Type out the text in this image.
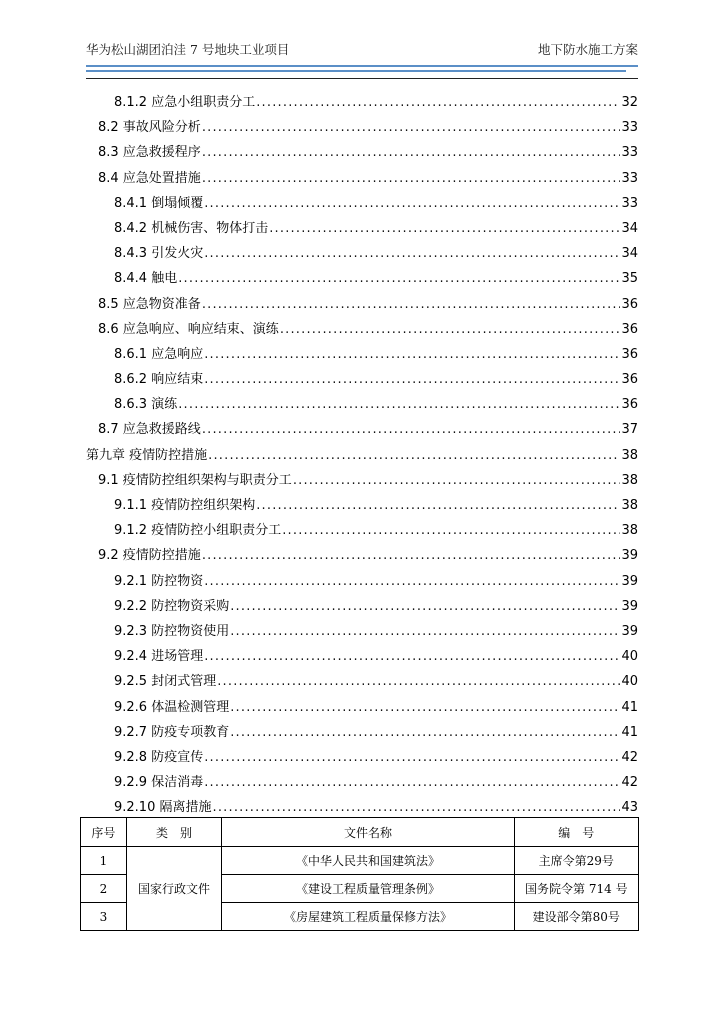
华为松山湖团泊洼 7 号地块工业项目	地下防水施工方案
8.1.2 应急小组职责分工 .....	32
8.2 事故风险分析 .....	33
8.3 应急救援程序 .....	33
8.4 应急处置措施 .....	33
8.4.1 倒塌倾覆 .....	33
8.4.2 机械伤害、物体打击 .....	34
8.4.3 引发火灾 .....	34
8.4.4 触电 .....	35
8.5 应急物资准备 .....	36
8.6 应急响应、响应结束、演练 .....	36
8.6.1 应急响应 .....	36
8.6.2 响应结束 .....	36
8.6.3 演练 .....	36
8.7 应急救援路线 .....	37
第九章 疫情防控措施 .....	38
9.1 疫情防控组织架构与职责分工 .....	38
9.1.1 疫情防控组织架构 .....	38
9.1.2 疫情防控小组职责分工 .....	38
9.2 疫情防控措施 .....	39
9.2.1 防控物资 .....	39
9.2.2 防控物资采购 .....	39
9.2.3 防控物资使用 .....	39
9.2.4 进场管理 .....	40
9.2.5 封闭式管理 .....	40
9.2.6 体温检测管理 .....	41
9.2.7 防疫专项教育 .....	41
9.2.8 防疫宣传 .....	42
9.2.9 保洁消毒 .....	42
9.2.10 隔离措施 .....	43
序号	类　别	文件名称	编　号
1	国家行政文件	《中华人民共和国建筑法》	主席令第29号
2		《建设工程质量管理条例》	国务院令第 714 号
3		《房屋建筑工程质量保修方法》	建设部令第80号
